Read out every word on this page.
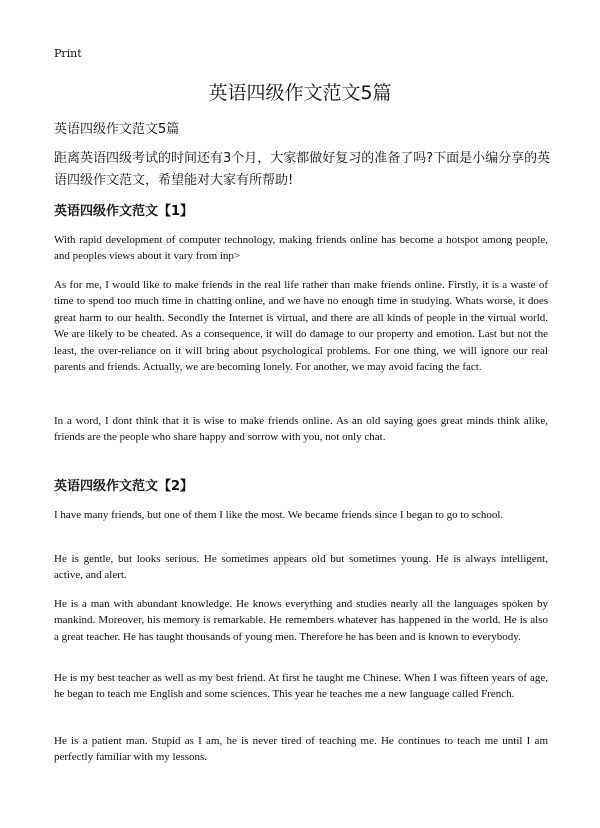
Print
英语四级作文范文5篇
英语四级作文范文5篇
距离英语四级考试的时间还有3个月，大家都做好复习的准备了吗?下面是小编分享的英语四级作文范文，希望能对大家有所帮助!
英语四级作文范文【1】
With rapid development of computer technology, making friends online has become a hotspot among people, and peoples views about it vary from inp>
As for me, I would like to make friends in the real life rather than make friends online. Firstly, it is a waste of time to spend too much time in chatting online, and we have no enough time in studying. Whats worse, it does great harm to our health. Secondly the Internet is virtual, and there are all kinds of people in the virtual world. We are likely to be cheated. As a consequence, it will do damage to our property and emotion. Last but not the least, the over-reliance on it will bring about psychological problems. For one thing, we will ignore our real parents and friends. Actually, we are becoming lonely. For another, we may avoid facing the fact.
In a word, I dont think that it is wise to make friends online. As an old saying goes great minds think alike, friends are the people who share happy and sorrow with you, not only chat.
英语四级作文范文【2】
I have many friends, but one of them I like the most. We became friends since I began to go to school.
He is gentle, but looks serious. He sometimes appears old but sometimes young. He is always intelligent, active, and alert.
He is a man with abundant knowledge. He knows everything and studies nearly all the languages spoken by mankind. Moreover, his memory is remarkable. He remembers whatever has happened in the world. He is also a great teacher. He has taught thousands of young men. Therefore he has been and is known to everybody.
He is my best teacher as well as my best friend. At first he taught me Chinese. When I was fifteen years of age, he began to teach me English and some sciences. This year he teaches me a new language called French.
He is a patient man. Stupid as I am, he is never tired of teaching me. He continues to teach me until I am perfectly familiar with my lessons.
